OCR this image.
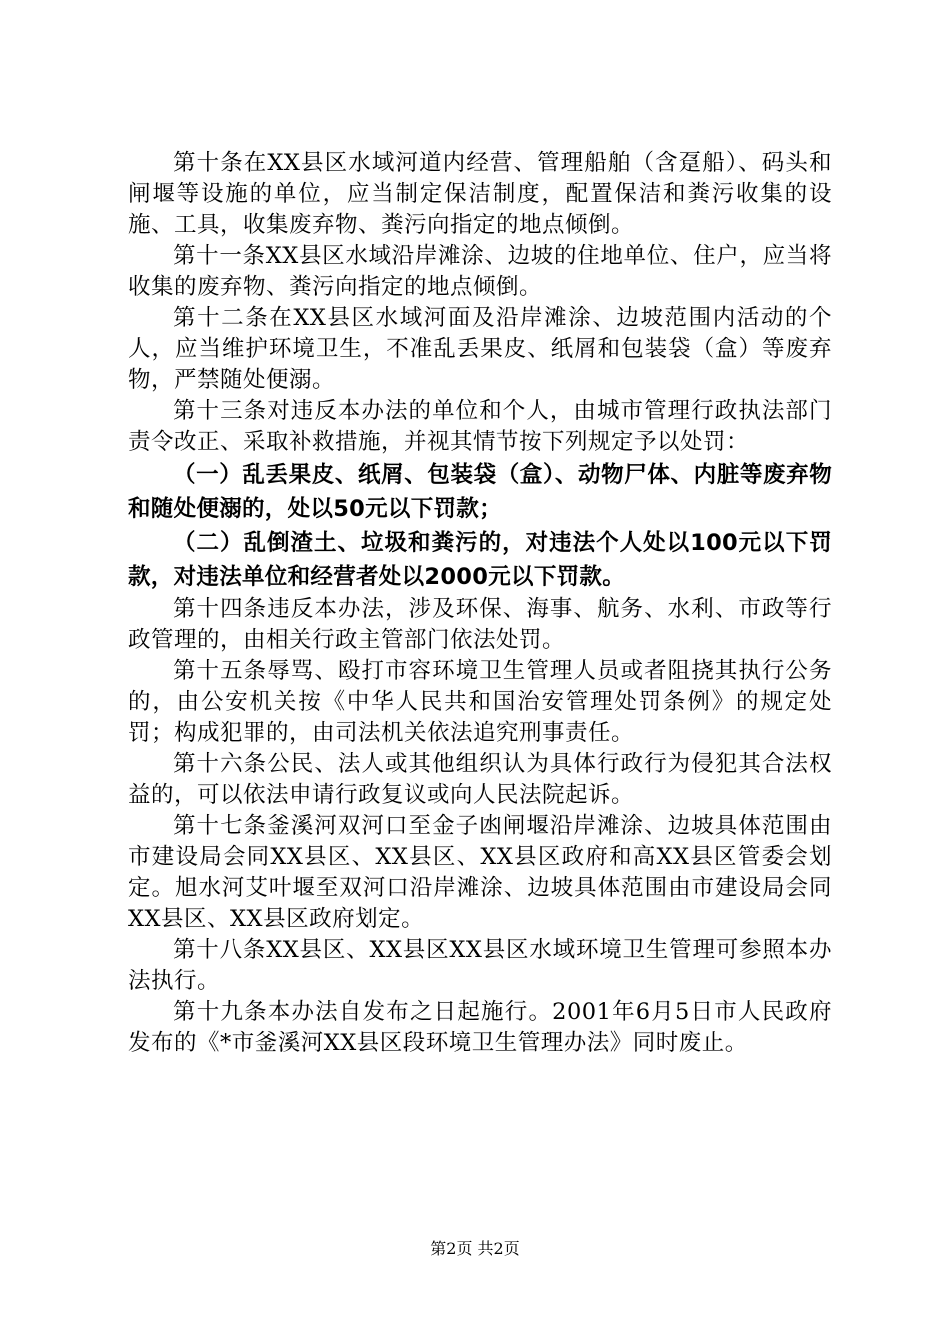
第十条在XX县区水域河道内经营、管理船舶（含趸船）、码头和闸堰等设施的单位，应当制定保洁制度，配置保洁和粪污收集的设施、工具，收集废弃物、粪污向指定的地点倾倒。

第十一条XX县区水域沿岸滩涂、边坡的住地单位、住户，应当将收集的废弃物、粪污向指定的地点倾倒。

第十二条在XX县区水域河面及沿岸滩涂、边坡范围内活动的个人，应当维护环境卫生，不准乱丢果皮、纸屑和包装袋（盒）等废弃物，严禁随处便溺。

第十三条对违反本办法的单位和个人，由城市管理行政执法部门责令改正、采取补救措施，并视其情节按下列规定予以处罚：

（一）乱丢果皮、纸屑、包装袋（盒）、动物尸体、内脏等废弃物和随处便溺的，处以50元以下罚款；

（二）乱倒渣土、垃圾和粪污的，对违法个人处以100元以下罚款，对违法单位和经营者处以2000元以下罚款。

第十四条违反本办法，涉及环保、海事、航务、水利、市政等行政管理的，由相关行政主管部门依法处罚。

第十五条辱骂、殴打市容环境卫生管理人员或者阻挠其执行公务的，由公安机关按《中华人民共和国治安管理处罚条例》的规定处罚；构成犯罪的，由司法机关依法追究刑事责任。

第十六条公民、法人或其他组织认为具体行政行为侵犯其合法权益的，可以依法申请行政复议或向人民法院起诉。

第十七条釜溪河双河口至金子凼闸堰沿岸滩涂、边坡具体范围由市建设局会同XX县区、XX县区、XX县区政府和高XX县区管委会划定。旭水河艾叶堰至双河口沿岸滩涂、边坡具体范围由市建设局会同XX县区、XX县区政府划定。

第十八条XX县区、XX县区XX县区水域环境卫生管理可参照本办法执行。

第十九条本办法自发布之日起施行。2001年6月5日市人民政府发布的《*市釜溪河XX县区段环境卫生管理办法》同时废止。

第2页 共2页
